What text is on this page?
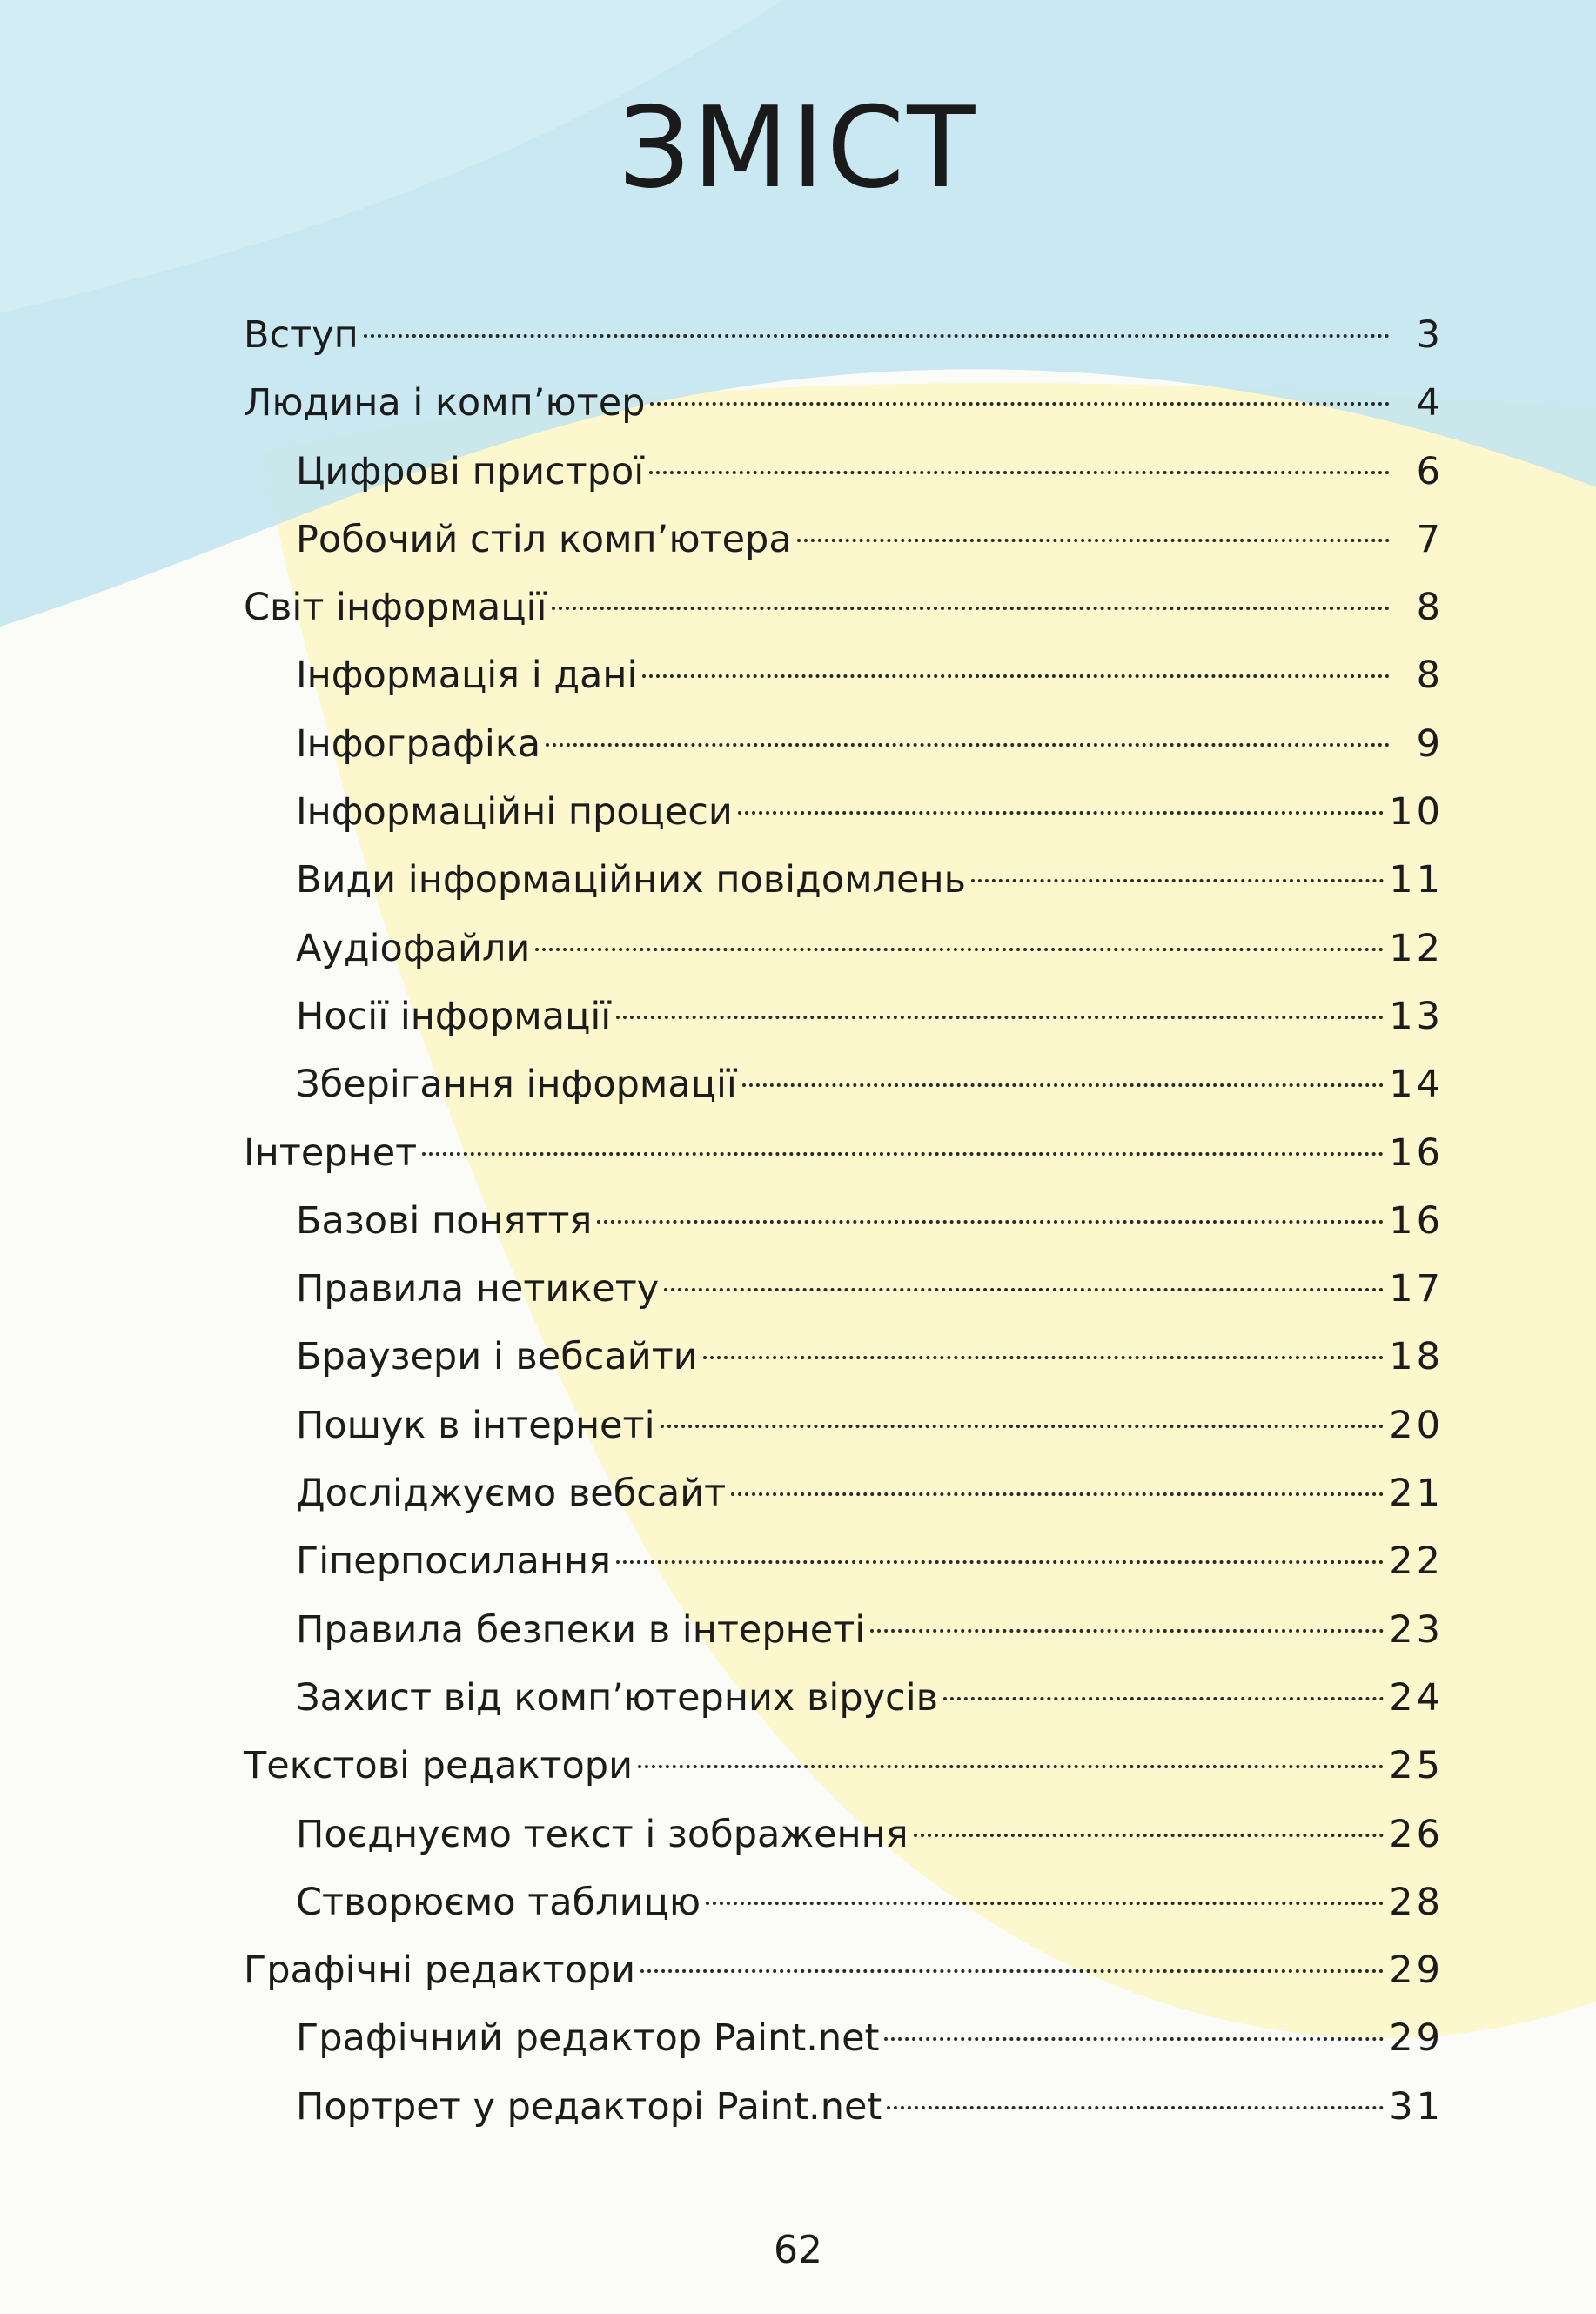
ЗМІСТ
Вступ	3
Людина і комп’ютер	4
Цифрові пристрої	6
Робочий стіл комп’ютера	7
Світ інформації	8
Інформація і дані	8
Інфографіка	9
Інформаційні процеси	10
Види інформаційних повідомлень	11
Аудіофайли	12
Носії інформації	13
Зберігання інформації	14
Інтернет	16
Базові поняття	16
Правила нетикету	17
Браузери і вебсайти	18
Пошук в інтернеті	20
Досліджуємо вебсайт	21
Гіперпосилання	22
Правила безпеки в інтернеті	23
Захист від комп’ютерних вірусів	24
Текстові редактори	25
Поєднуємо текст і зображення	26
Створюємо таблицю	28
Графічні редактори	29
Графічний редактор Paint.net	29
Портрет у редакторі Paint.net	31
62
